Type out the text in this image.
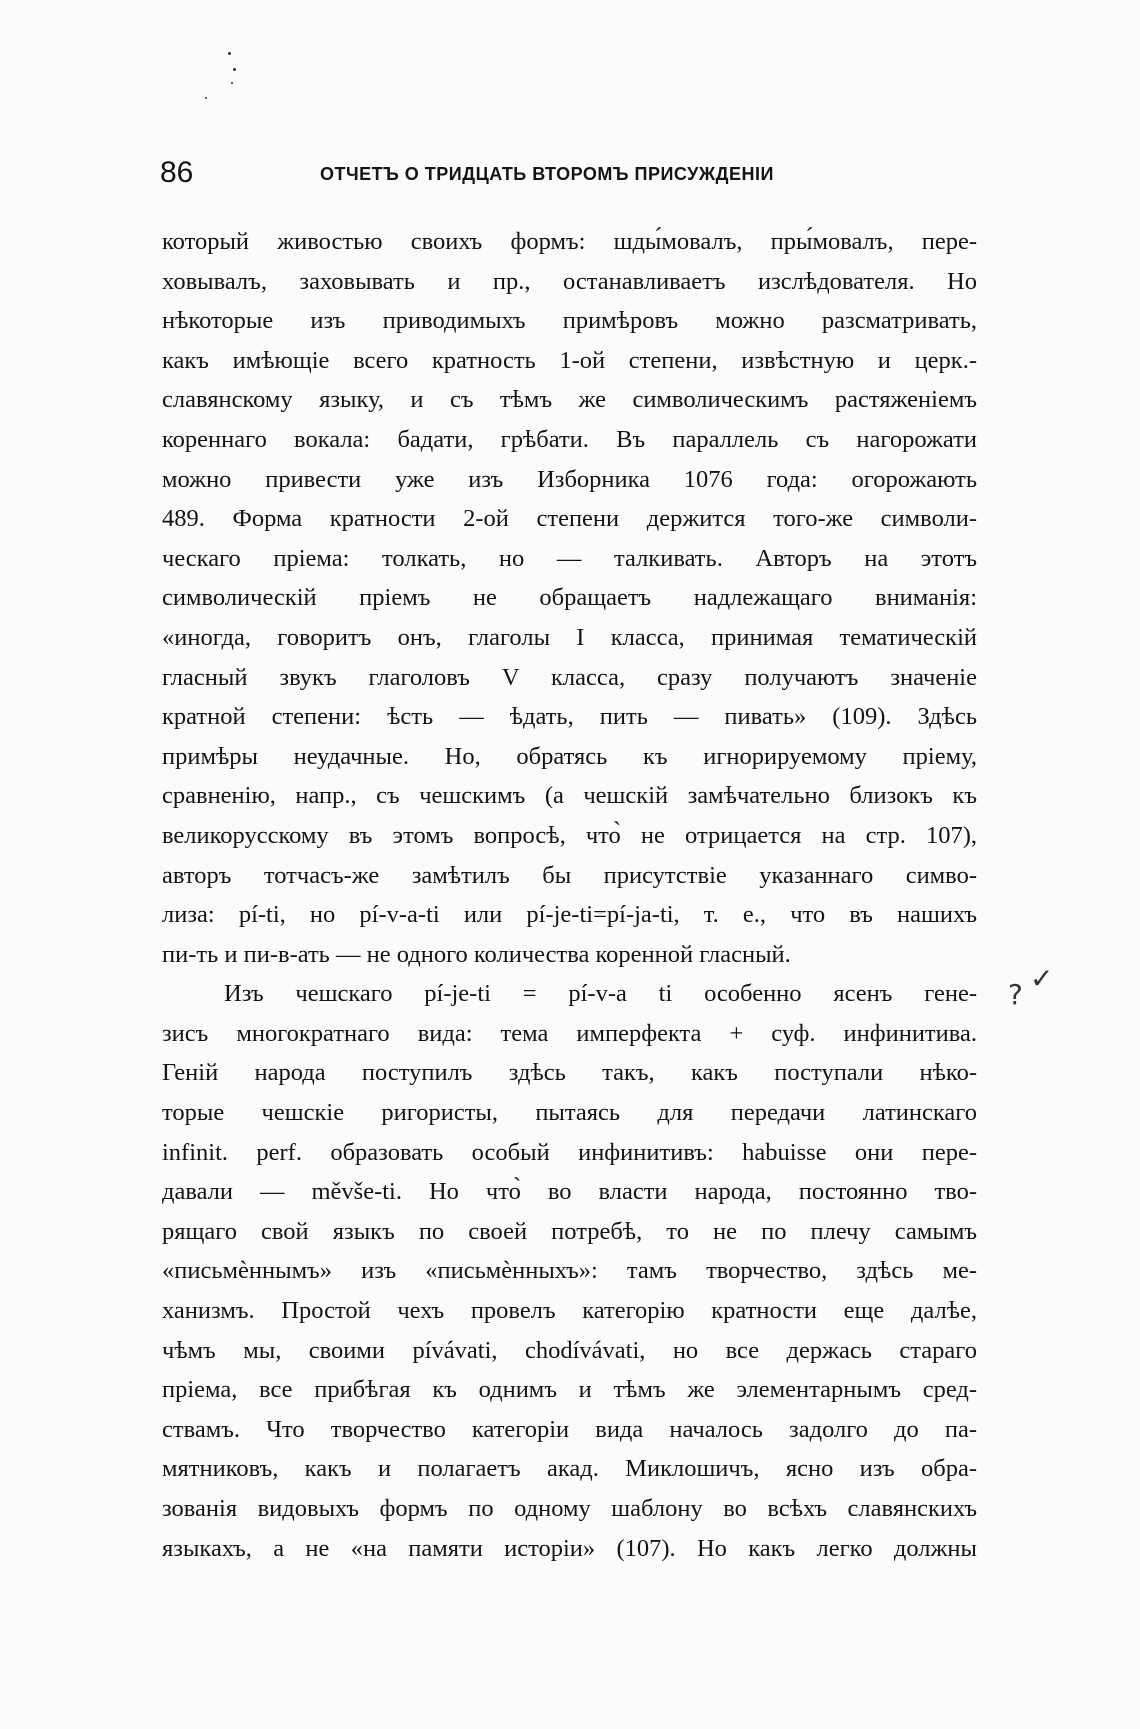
86	ОТЧЕТЪ О ТРИДЦАТЬ ВТОРОМЪ ПРИСУЖДЕНІИ
который живостью своихъ формъ: шды́мовалъ, пры́мовалъ, пере-
ховывалъ, заховывать и пр., останавливаетъ изслѣдователя. Но
нѣкоторые изъ приводимыхъ примѣровъ можно разсматривать,
какъ имѣющіе всего кратность 1-ой степени, извѣстную и церк.-
славянскому языку, и съ тѣмъ же символическимъ растяженіемъ
кореннаго вокала: бадати, грѣбати. Въ параллель съ нагорожати
можно привести уже изъ Изборника 1076 года: огорожають
489. Форма кратности 2-ой степени держится того-же символи-
ческаго пріема: толкать, но — талкивать. Авторъ на этотъ
символическій пріемъ не обращаетъ надлежащаго вниманія:
«иногда, говоритъ онъ, глаголы I класса, принимая тематическій
гласный звукъ глаголовъ V класса, сразу получаютъ значеніе
кратной степени: ѣсть — ѣдать, пить — пивать» (109). Здѣсь
примѣры неудачные. Но, обратясь къ игнорируемому пріему,
сравненію, напр., съ чешскимъ (а чешскій замѣчательно близокъ къ
великорусскому въ этомъ вопросѣ, что̀ не отрицается на стр. 107),
авторъ тотчасъ-же замѣтилъ бы присутствіе указаннаго симво-
лиза: pí-ti, но pí-v-a-ti или pí-je-ti=pí-ja-ti, т. е., что въ нашихъ
пи-ть и пи-в-ать — не одного количества коренной гласный.
Изъ чешскаго pí-je-ti = pí-v-a ti особенно ясенъ гене-
зисъ многократнаго вида: тема имперфекта + суф. инфинитива.
Геній народа поступилъ здѣсь такъ, какъ поступали нѣко-
торые чешскіе ригористы, пытаясь для передачи латинскаго
infinit. perf. образовать особый инфинитивъ: habuisse они пере-
давали — měvše-ti. Но что̀ во власти народа, постоянно тво-
рящаго свой языкъ по своей потребѣ, то не по плечу самымъ
«письмѐннымъ» изъ «письмѐнныхъ»: тамъ творчество, здѣсь ме-
ханизмъ. Простой чехъ провелъ категорію кратности еще далѣе,
чѣмъ мы, своими pívávati, chodívávati, но все держась стараго
пріема, все прибѣгая къ однимъ и тѣмъ же элементарнымъ сред-
ствамъ. Что творчество категоріи вида началось задолго до па-
мятниковъ, какъ и полагаетъ акад. Миклошичъ, ясно изъ обра-
зованія видовыхъ формъ по одному шаблону во всѣхъ славянскихъ
языкахъ, а не «на памяти исторіи» (107). Но какъ легко должны
? ✓
